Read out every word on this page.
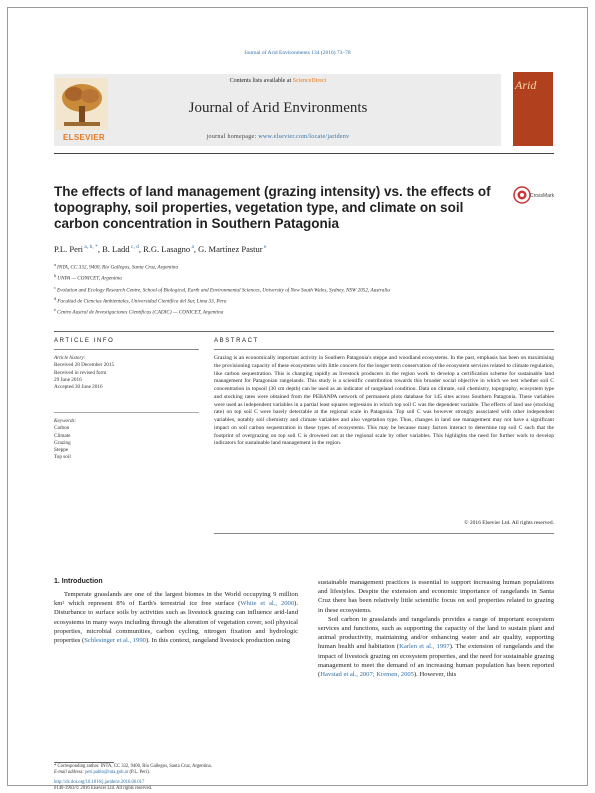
Journal of Arid Environments 134 (2016) 73–78
ELSEVIER
Contents lists available at ScienceDirect
Journal of Arid Environments
journal homepage: www.elsevier.com/locate/jaridenv
Arid
The effects of land management (grazing intensity) vs. the effects of topography, soil properties, vegetation type, and climate on soil carbon concentration in Southern Patagonia
CrossMark
P.L. Peri $^{a, b, *}$, B. Ladd $^{c, d}$, R.G. Lasagno $^a$, G. Martínez Pastur $^e$
aINTA, CC 332, 9400, Río Gallegos, Santa Cruz, Argentina
bUNPA — CONICET, Argentina
cEvolution and Ecology Research Centre, School of Biological, Earth and Environmental Sciences, University of New South Wales, Sydney, NSW 2052, Australia
dFacultad de Ciencias Ambientales, Universidad Científica del Sur, Lima 33, Peru
eCentro Austral de Investigaciones Científicas (CADIC) — CONICET, Argentina
ARTICLE INFO	ABSTRACT
Article history:
Received 28 December 2015
Received in revised form
29 June 2016
Accepted 30 June 2016
Keywords:
Carbon
Climate
Grazing
Steppe
Top soil
Grazing is an economically important activity in Southern Patagonia's steppe and woodland ecosystems. In the past, emphasis has been on maximising the provisioning capacity of these ecosystems with little concern for the longer term conservation of the ecosystem services related to climate regulation, like carbon sequestration. This is changing rapidly as livestock producers in the region work to develop a certification scheme for sustainable land management for Patagonian rangelands. This study is a scientific contribution towards this broader social objective in which we test whether soil C concentration in topsoil (30 cm depth) can be used as an indicator of rangeland condition. Data on climate, soil chemistry, topography, ecosystem type and stocking rates were obtained from the PEBANPA network of permanent plots database for 145 sites across Southern Patagonia. These variables were used as independent variables in a partial least squares regression in which top soil C was the dependent variable. The effects of land use (stocking rate) on top soil C were barely detectable at the regional scale in Patagonia. Top soil C was however strongly associated with other independent variables, notably soil chemistry and climate variables and also vegetation type. Thus, changes in land use management may not have a significant impact on soil carbon sequestration in these types of ecosystems. This may be because many factors interact to determine top soil C such that the footprint of overgrazing on top soil C is drowned out at the regional scale by other variables. This highlights the need for further work to develop indicators for sustainable land management in the region.
© 2016 Elsevier Ltd. All rights reserved.
1. Introduction

Temperate grasslands are one of the largest biomes in the World occupying 9 million km² which represent 8% of Earth's terrestrial ice free surface (White et al., 2000). Disturbance to surface soils by activities such as livestock grazing can influence arid-land ecosystems in many ways including through the alteration of vegetation cover, soil physical properties, microbial communities, carbon cycling, nitrogen fixation and hydrologic properties (Schlesinger et al., 1990). In this context, rangeland livestock production using

sustainable management practices is essential to support increasing human populations and lifestyles. Despite the extension and economic importance of rangelands in Santa Cruz there has been relatively little scientific focus on soil properties related to grazing in these ecosystems.

Soil carbon in grasslands and rangelands provides a range of important ecosystem services and functions, such as supporting the capacity of the land to sustain plant and animal productivity, maintaining and/or enhancing water and air quality, supporting human health and habitation (Karlen et al., 1997). The extension of rangelands and the impact of livestock grazing on ecosystem properties, and the need for sustainable grazing management to meet the demand of an increasing human population has been reported (Havstad et al., 2007; Kremen, 2005). However, this

* Corresponding author. INTA, CC 332, 9400, Río Gallegos, Santa Cruz, Argentina.
E-mail address: peri.pablo@inta.gob.ar (P.L. Peri).
http://dx.doi.org/10.1016/j.jaridenv.2016.06.017
0140-1963/© 2016 Elsevier Ltd. All rights reserved.
